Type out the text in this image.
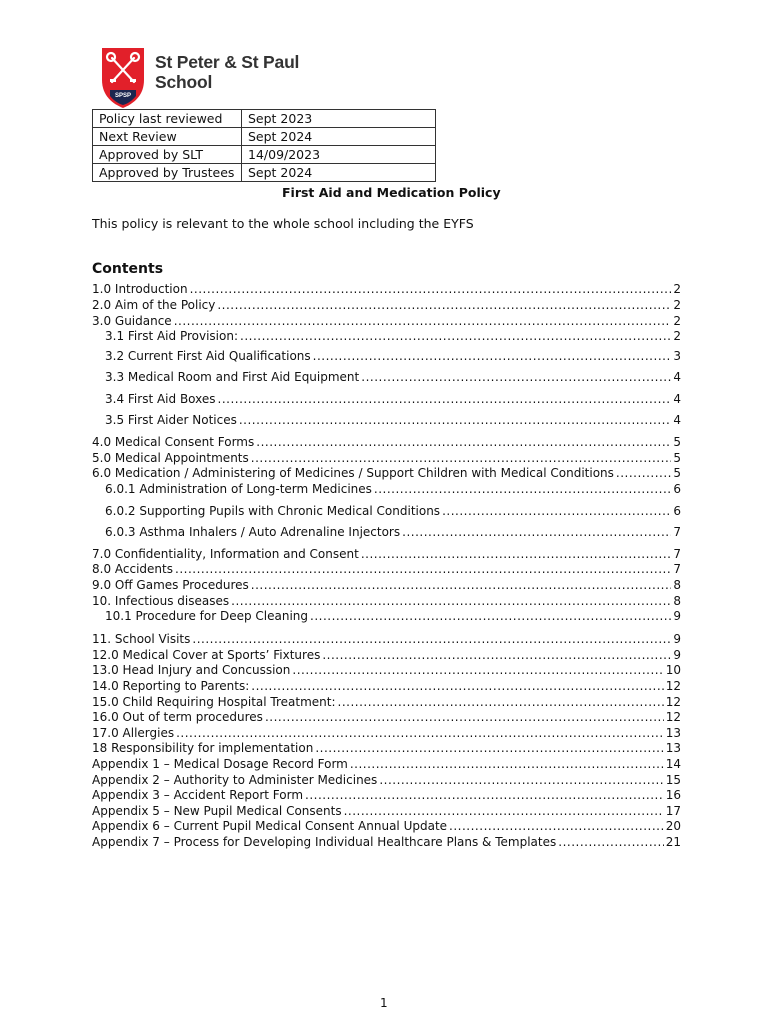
SPSP
St Peter & St Paul
School
Policy last reviewed	Sept 2023
Next Review	Sept 2024
Approved by SLT	14/09/2023
Approved by Trustees	Sept 2024
First Aid and Medication Policy
This policy is relevant to the whole school including the EYFS
Contents
1.0 Introduction .....	2
2.0 Aim of the Policy .....	2
3.0 Guidance .....	2
3.1 First Aid Provision: .....	2
3.2 Current First Aid Qualifications .....	3
3.3 Medical Room and First Aid Equipment .....	4
3.4 First Aid Boxes .....	4
3.5 First Aider Notices .....	4
4.0 Medical Consent Forms .....	5
5.0 Medical Appointments .....	5
6.0 Medication / Administering of Medicines / Support Children with Medical Conditions .....	5
6.0.1 Administration of Long-term Medicines .....	6
6.0.2 Supporting Pupils with Chronic Medical Conditions .....	6
6.0.3 Asthma Inhalers / Auto Adrenaline Injectors .....	7
7.0 Confidentiality, Information and Consent .....	7
8.0 Accidents .....	7
9.0 Off Games Procedures .....	8
10. Infectious diseases .....	8
10.1 Procedure for Deep Cleaning .....	9
11. School Visits .....	9
12.0 Medical Cover at Sports’ Fixtures .....	9
13.0 Head Injury and Concussion .....	10
14.0 Reporting to Parents: .....	12
15.0 Child Requiring Hospital Treatment: .....	12
16.0 Out of term procedures .....	12
17.0 Allergies .....	13
18 Responsibility for implementation .....	13
Appendix 1 – Medical Dosage Record Form .....	14
Appendix 2 – Authority to Administer Medicines .....	15
Appendix 3 – Accident Report Form .....	16
Appendix 5 – New Pupil Medical Consents .....	17
Appendix 6 – Current Pupil Medical Consent Annual Update .....	20
Appendix 7 – Process for Developing Individual Healthcare Plans & Templates .....	21
1
